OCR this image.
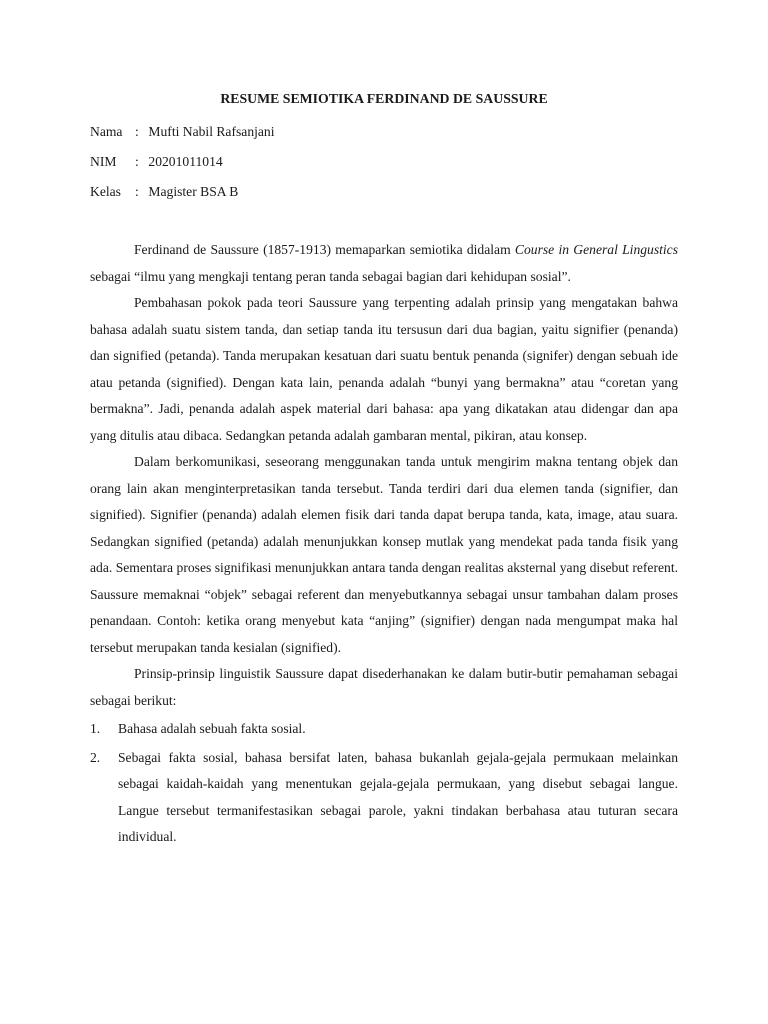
RESUME SEMIOTIKA FERDINAND DE SAUSSURE
Nama : Mufti Nabil Rafsanjani
NIM : 20201011014
Kelas : Magister BSA B

Ferdinand de Saussure (1857-1913) memaparkan semiotika didalam Course in General Lingustics sebagai “ilmu yang mengkaji tentang peran tanda sebagai bagian dari kehidupan sosial”.

Pembahasan pokok pada teori Saussure yang terpenting adalah prinsip yang mengatakan bahwa bahasa adalah suatu sistem tanda, dan setiap tanda itu tersusun dari dua bagian, yaitu signifier (penanda) dan signified (petanda). Tanda merupakan kesatuan dari suatu bentuk penanda (signifer) dengan sebuah ide atau petanda (signified). Dengan kata lain, penanda adalah “bunyi yang bermakna” atau “coretan yang bermakna”. Jadi, penanda adalah aspek material dari bahasa: apa yang dikatakan atau didengar dan apa yang ditulis atau dibaca. Sedangkan petanda adalah gambaran mental, pikiran, atau konsep.

Dalam berkomunikasi, seseorang menggunakan tanda untuk mengirim makna tentang objek dan orang lain akan menginterpretasikan tanda tersebut. Tanda terdiri dari dua elemen tanda (signifier, dan signified). Signifier (penanda) adalah elemen fisik dari tanda dapat berupa tanda, kata, image, atau suara. Sedangkan signified (petanda) adalah menunjukkan konsep mutlak yang mendekat pada tanda fisik yang ada. Sementara proses signifikasi menunjukkan antara tanda dengan realitas aksternal yang disebut referent. Saussure memaknai “objek” sebagai referent dan menyebutkannya sebagai unsur tambahan dalam proses penandaan. Contoh: ketika orang menyebut kata “anjing” (signifier) dengan nada mengumpat maka hal tersebut merupakan tanda kesialan (signified).

Prinsip-prinsip linguistik Saussure dapat disederhanakan ke dalam butir-butir pemahaman sebagai sebagai berikut:

1. Bahasa adalah sebuah fakta sosial.
2. Sebagai fakta sosial, bahasa bersifat laten, bahasa bukanlah gejala-gejala permukaan melainkan sebagai kaidah-kaidah yang menentukan gejala-gejala permukaan, yang disebut sebagai langue. Langue tersebut termanifestasikan sebagai parole, yakni tindakan berbahasa atau tuturan secara individual.
